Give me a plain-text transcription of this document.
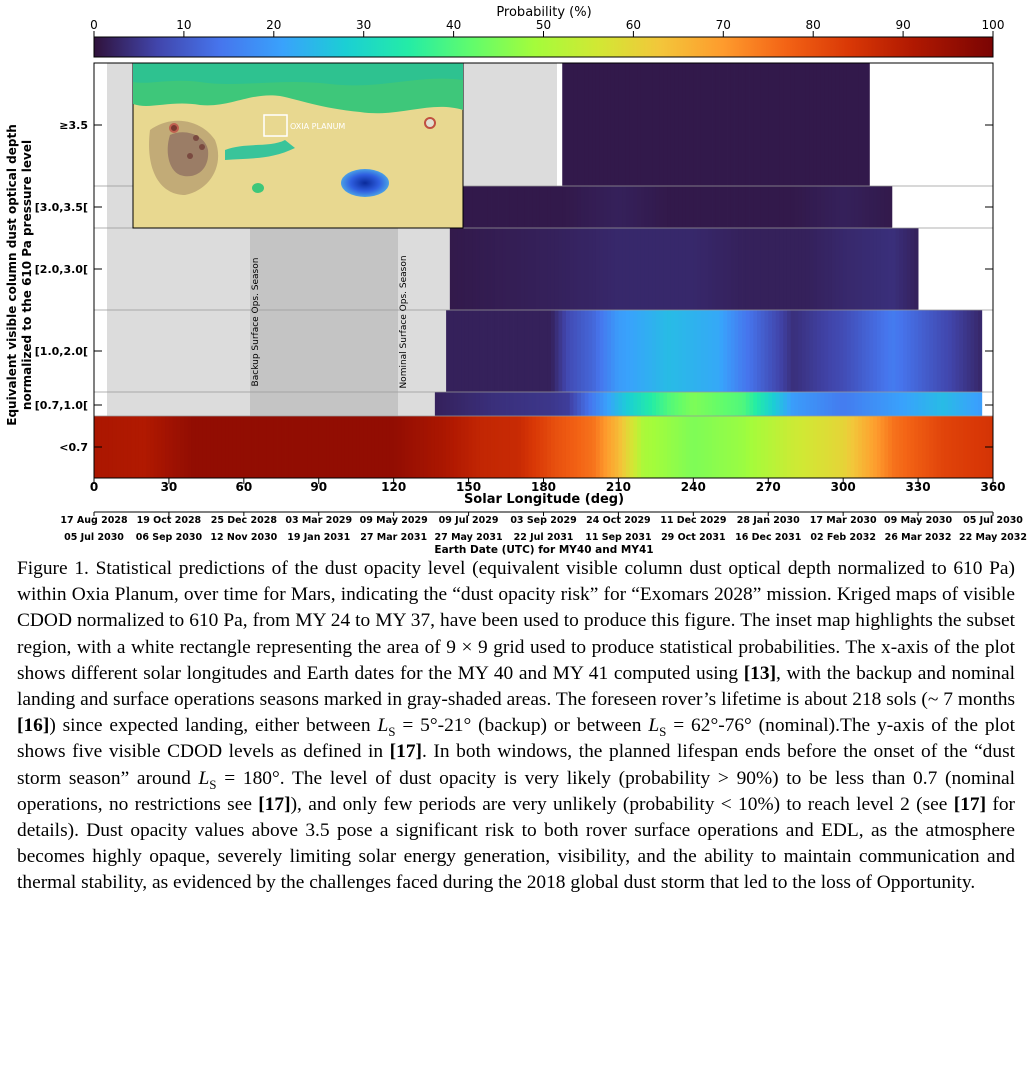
Probability (%)
0	10	20	30	40	50	60	70	80	90	100
OXIA PLANUM
Backup Surface Ops. Season	Nominal Surface Ops. Season
<0.7
[0.7,1.0[
[1.0,2.0[
[2.0,3.0[
[3.0,3.5[
≥3.5
Equivalent visible column dust optical depth normalized to the 610 Pa pressure level
0	30	60	90	120	150	180	210	240	270	300	330	360
Solar Longitude (deg)
17 Aug 2028
05 Jul 2030
19 Oct 2028
06 Sep 2030
25 Dec 2028
12 Nov 2030
03 Mar 2029
19 Jan 2031
09 May 2029
27 Mar 2031
09 Jul 2029
27 May 2031
03 Sep 2029
22 Jul 2031
24 Oct 2029
11 Sep 2031
11 Dec 2029
29 Oct 2031
28 Jan 2030
16 Dec 2031
17 Mar 2030
02 Feb 2032
09 May 2030
26 Mar 2032
05 Jul 2030
22 May 2032
Earth Date (UTC) for MY40 and MY41
Figure 1. Statistical predictions of the dust opacity level (equivalent visible column dust optical depth normalized to 610 Pa) within Oxia Planum, over time for Mars, indicating the “dust opacity risk” for “Exomars 2028” mission. Kriged maps of visible CDOD normalized to 610 Pa, from MY 24 to MY 37, have been used to produce this figure. The inset map highlights the subset region, with a white rectangle representing the area of 9 × 9 grid used to produce statistical probabilities. The x-axis of the plot shows different solar longitudes and Earth dates for the MY 40 and MY 41 computed using [13], with the backup and nominal landing and surface operations seasons marked in gray-shaded areas. The foreseen rover’s lifetime is about 218 sols (~ 7 months [16]) since expected landing, either between $L_S = 5^\circ-21^\circ$ (backup) or between $L_S = 62^\circ-76^\circ$ (nominal).The y-axis of the plot shows five visible CDOD levels as defined in [17]. In both windows, the planned lifespan ends before the onset of the “dust storm season” around $L_S = 180^\circ$. The level of dust opacity is very likely (probability > 90%) to be less than 0.7 (nominal operations, no restrictions see [17]), and only few periods are very unlikely (probability < 10%) to reach level 2 (see [17] for details). Dust opacity values above 3.5 pose a significant risk to both rover surface operations and EDL, as the atmosphere becomes highly opaque, severely limiting solar energy generation, visibility, and the ability to maintain communication and thermal stability, as evidenced by the challenges faced during the 2018 global dust storm that led to the loss of Opportunity.
